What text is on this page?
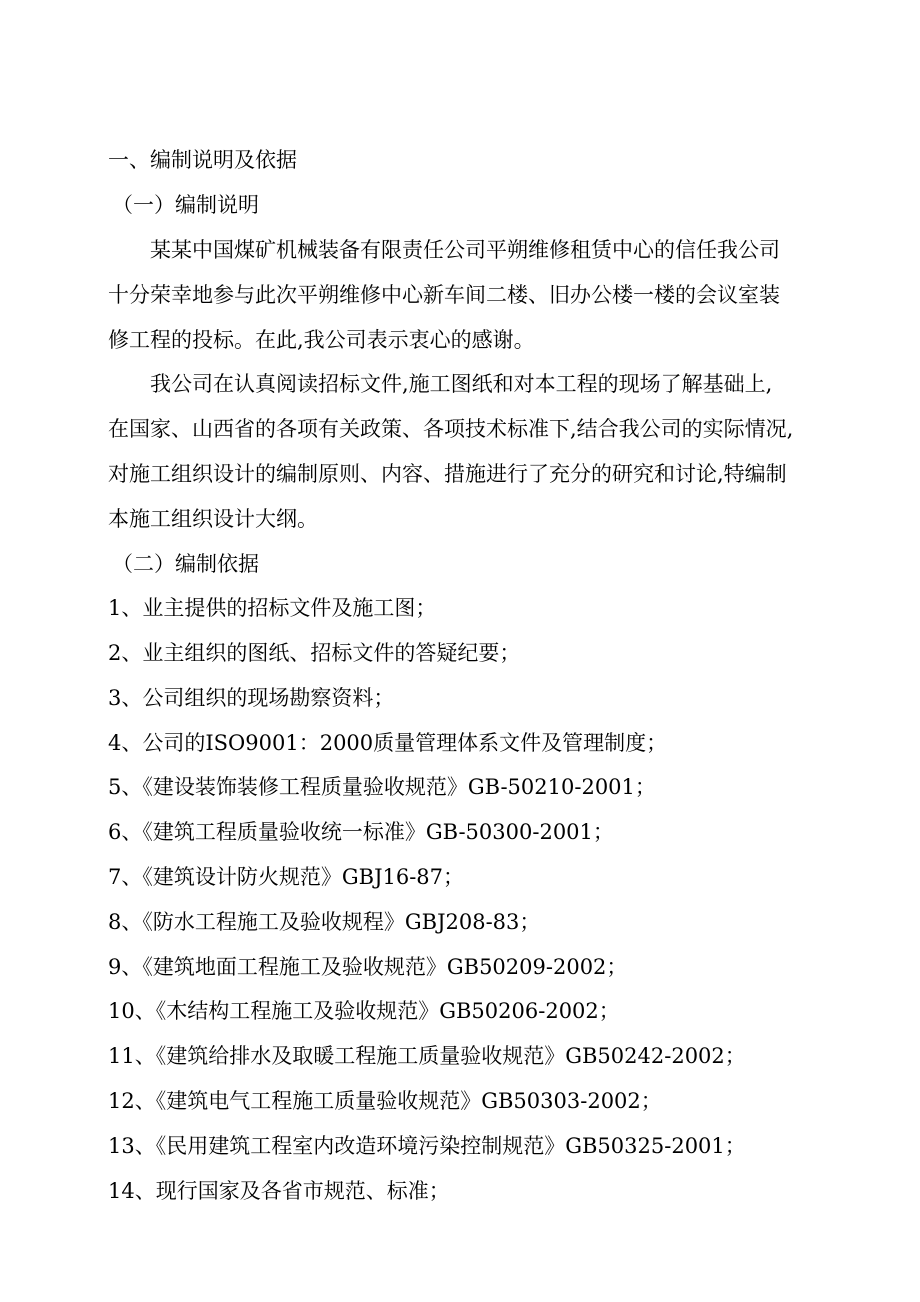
一、编制说明及依据
（一）编制说明
某某中国煤矿机械装备有限责任公司平朔维修租赁中心的信任我公司
十分荣幸地参与此次平朔维修中心新车间二楼、旧办公楼一楼的会议室装
修工程的投标。在此,我公司表示衷心的感谢。
我公司在认真阅读招标文件,施工图纸和对本工程的现场了解基础上,
在国家、山西省的各项有关政策、各项技术标准下,结合我公司的实际情况,
对施工组织设计的编制原则、内容、措施进行了充分的研究和讨论,特编制
本施工组织设计大纲。
（二）编制依据
1、业主提供的招标文件及施工图；
2、业主组织的图纸、招标文件的答疑纪要；
3、公司组织的现场勘察资料；
4、公司的ISO9001：2000质量管理体系文件及管理制度；
5、《建设装饰装修工程质量验收规范》GB-50210-2001；
6、《建筑工程质量验收统一标准》GB-50300-2001；
7、《建筑设计防火规范》GBJ16-87；
8、《防水工程施工及验收规程》GBJ208-83；
9、《建筑地面工程施工及验收规范》GB50209-2002；
10、《木结构工程施工及验收规范》GB50206-2002；
11、《建筑给排水及取暖工程施工质量验收规范》GB50242-2002；
12、《建筑电气工程施工质量验收规范》GB50303-2002；
13、《民用建筑工程室内改造环境污染控制规范》GB50325-2001；
14、现行国家及各省市规范、标准；
